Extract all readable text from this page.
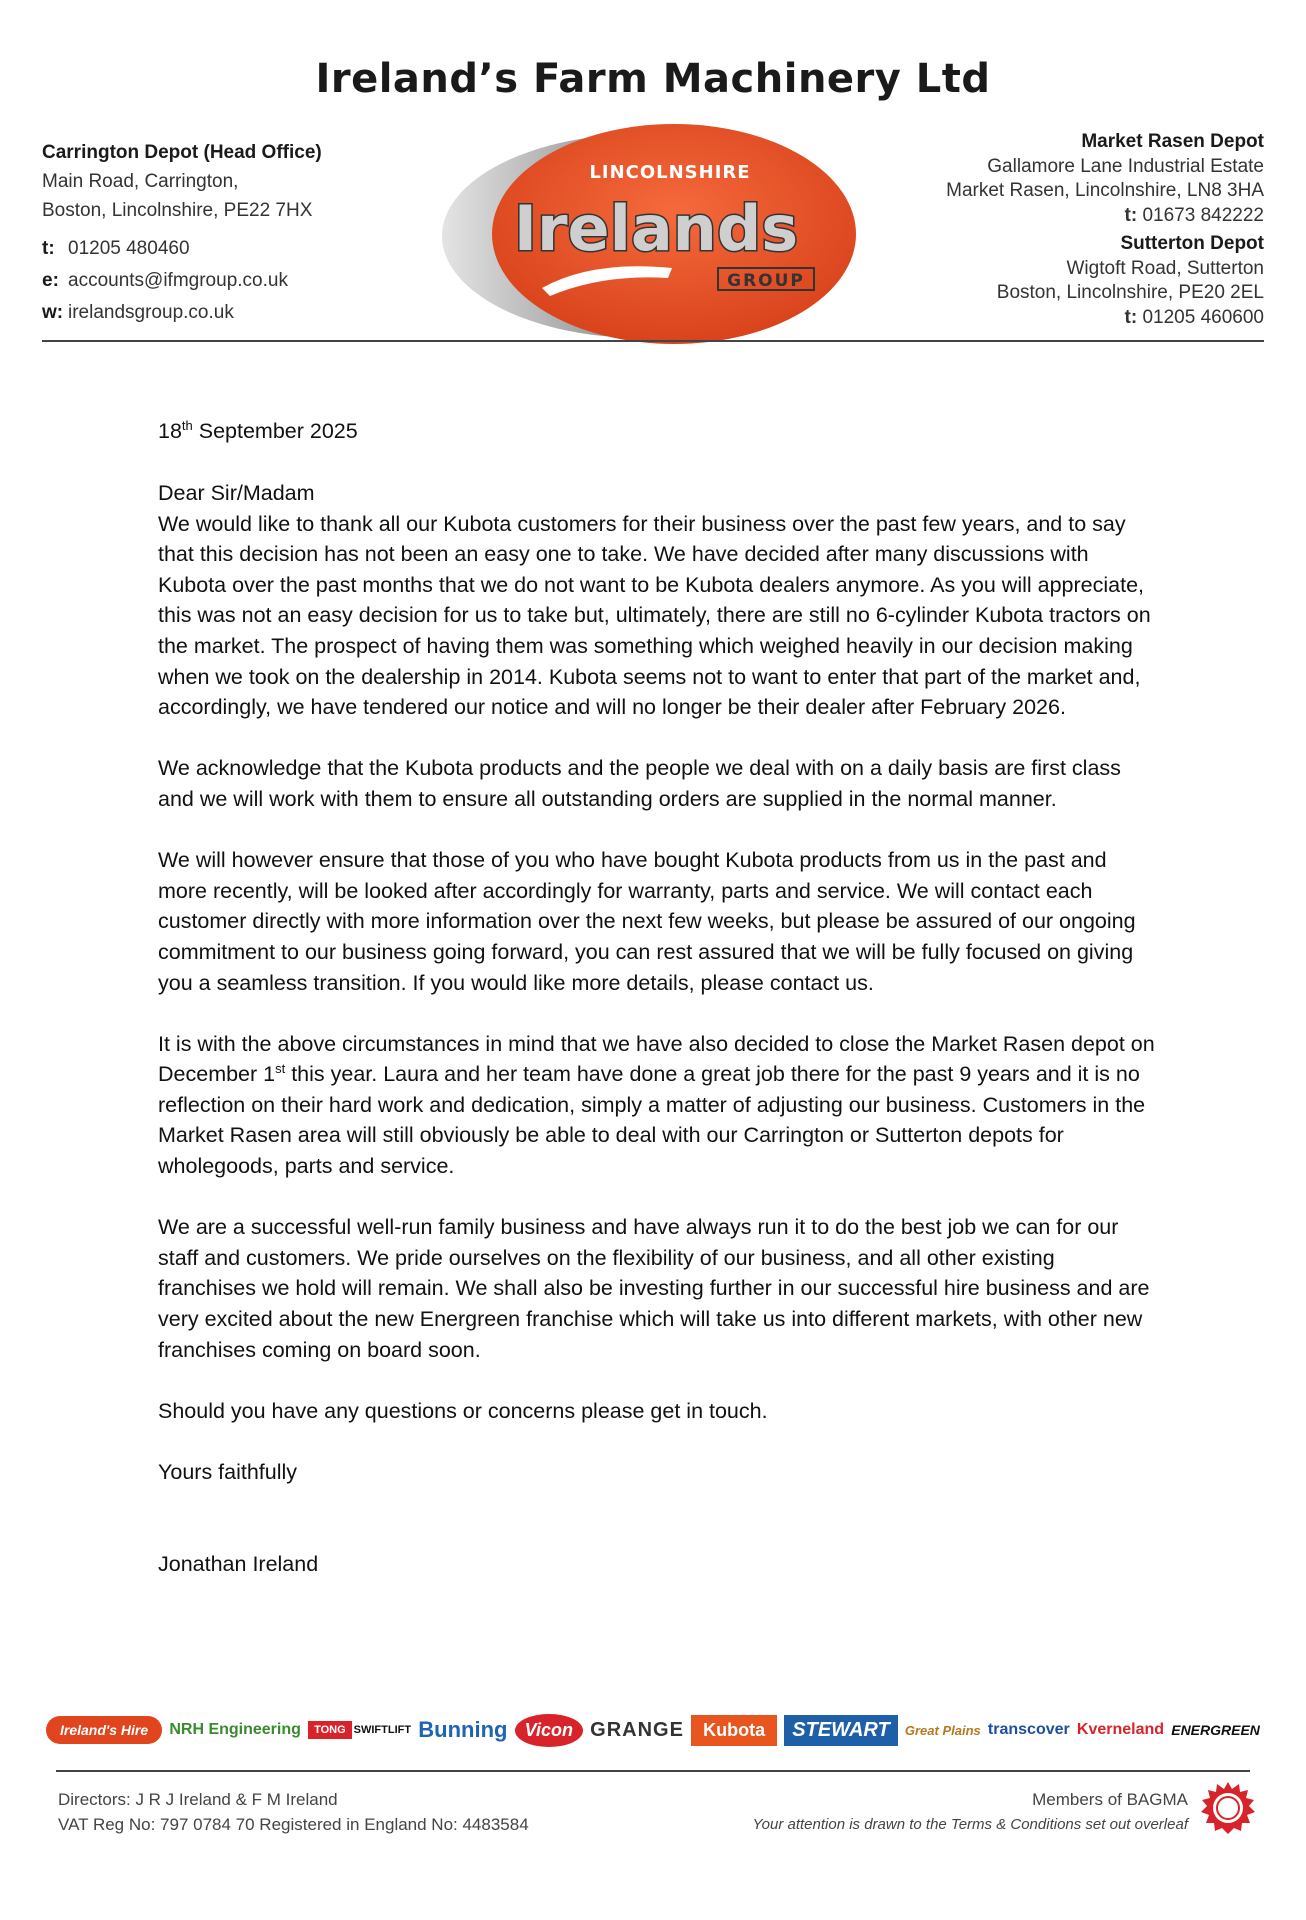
Ireland’s Farm Machinery Ltd
Carrington Depot (Head Office)
Main Road, Carrington,
Boston, Lincolnshire, PE22 7HX
t: 01205 480460
e: accounts@ifmgroup.co.uk
w: irelandsgroup.co.uk
LINCOLNSHIRE
Irelands
GROUP
Market Rasen Depot
Gallamore Lane Industrial Estate
Market Rasen, Lincolnshire, LN8 3HA
t: 01673 842222
Sutterton Depot
Wigtoft Road, Sutterton
Boston, Lincolnshire, PE20 2EL
t: 01205 460600
18th September 2025
Dear Sir/Madam

We would like to thank all our Kubota customers for their business over the past few years, and to say that this decision has not been an easy one to take. We have decided after many discussions with Kubota over the past months that we do not want to be Kubota dealers anymore. As you will appreciate, this was not an easy decision for us to take but, ultimately, there are still no 6-cylinder Kubota tractors on the market. The prospect of having them was something which weighed heavily in our decision making when we took on the dealership in 2014. Kubota seems not to want to enter that part of the market and, accordingly, we have tendered our notice and will no longer be their dealer after February 2026.

We acknowledge that the Kubota products and the people we deal with on a daily basis are first class and we will work with them to ensure all outstanding orders are supplied in the normal manner.

We will however ensure that those of you who have bought Kubota products from us in the past and more recently, will be looked after accordingly for warranty, parts and service. We will contact each customer directly with more information over the next few weeks, but please be assured of our ongoing commitment to our business going forward, you can rest assured that we will be fully focused on giving you a seamless transition. If you would like more details, please contact us.

It is with the above circumstances in mind that we have also decided to close the Market Rasen depot on December 1st this year. Laura and her team have done a great job there for the past 9 years and it is no reflection on their hard work and dedication, simply a matter of adjusting our business. Customers in the Market Rasen area will still obviously be able to deal with our Carrington or Sutterton depots for wholegoods, parts and service.

We are a successful well-run family business and have always run it to do the best job we can for our staff and customers. We pride ourselves on the flexibility of our business, and all other existing franchises we hold will remain. We shall also be investing further in our successful hire business and are very excited about the new Energreen franchise which will take us into different markets, with other new franchises coming on board soon.

Should you have any questions or concerns please get in touch.

Yours faithfully

Jonathan Ireland
Ireland's Hire	NRH Engineering	TONG SWIFTLIFT Bunning Vicon GRANGE	Kubota	STEWART	Great Plains transcover Kverneland ENERGREEN
Directors: J R J Ireland & F M Ireland
VAT Reg No: 797 0784 70 Registered in England No: 4483584
Members of BAGMA
Your attention is drawn to the Terms & Conditions set out overleaf
